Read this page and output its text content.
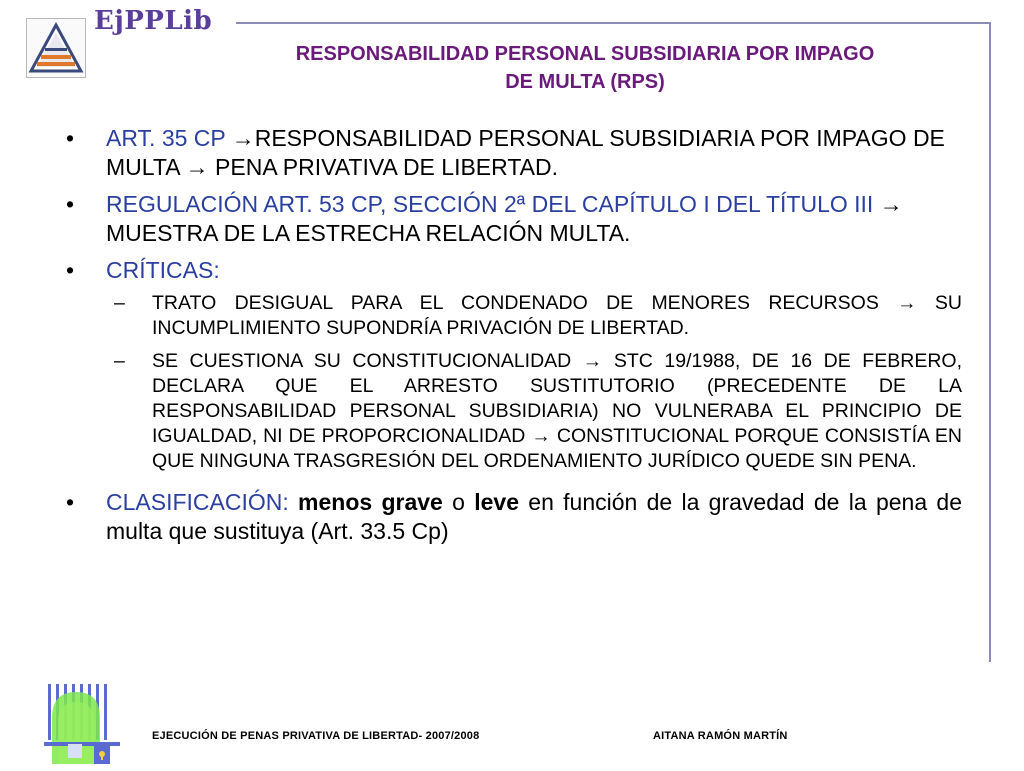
EjPPLib
RESPONSABILIDAD PERSONAL SUBSIDIARIA POR IMPAGO
DE MULTA (RPS)
• ART. 35 CP →RESPONSABILIDAD PERSONAL SUBSIDIARIA POR IMPAGO DE MULTA → PENA PRIVATIVA DE LIBERTAD.
• REGULACIÓN ART. 53 CP, SECCIÓN 2ª DEL CAPÍTULO I DEL TÍTULO III → MUESTRA DE LA ESTRECHA RELACIÓN MULTA.
• CRÍTICAS:
– TRATO DESIGUAL PARA EL CONDENADO DE MENORES RECURSOS → SU INCUMPLIMIENTO SUPONDRÍA PRIVACIÓN DE LIBERTAD.
– SE CUESTIONA SU CONSTITUCIONALIDAD → STC 19/1988, DE 16 DE FEBRERO, DECLARA QUE EL ARRESTO SUSTITUTORIO (PRECEDENTE DE LA RESPONSABILIDAD PERSONAL SUBSIDIARIA) NO VULNERABA EL PRINCIPIO DE IGUALDAD, NI DE PROPORCIONALIDAD → CONSTITUCIONAL PORQUE CONSISTÍA EN QUE NINGUNA TRASGRESIÓN DEL ORDENAMIENTO JURÍDICO QUEDE SIN PENA.
• CLASIFICACIÓN: menos grave o leve en función de la gravedad de la pena de multa que sustituya (Art. 33.5 Cp)
EJECUCIÓN DE PENAS PRIVATIVA DE LIBERTAD- 2007/2008	AITANA RAMÓN MARTÍN
